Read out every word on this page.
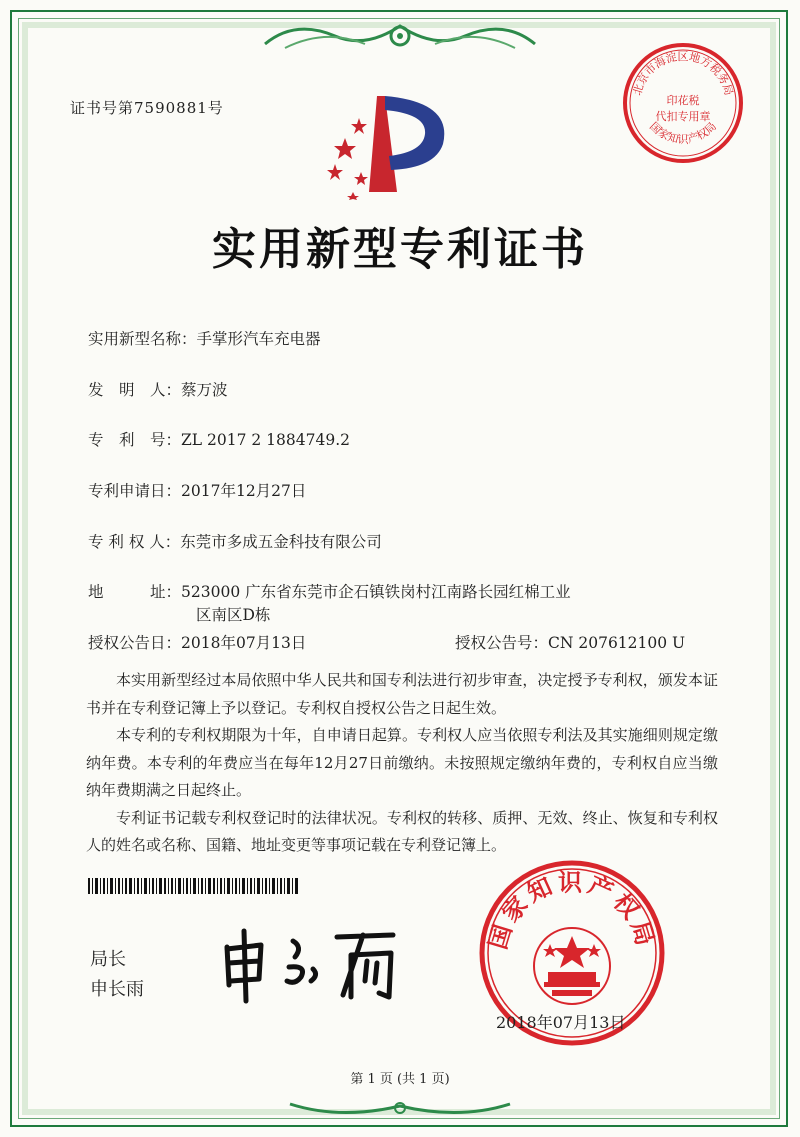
证书号第7590881号
北京市海淀区地方税务局
印花税
代扣专用章
国家知识产权局
实用新型专利证书
实用新型名称：手掌形汽车充电器
发　明　人：蔡万波
专　利　号：ZL 2017 2 1884749.2
专利申请日：2017年12月27日
专 利 权 人：东莞市多成五金科技有限公司
地　　　址：523000 广东省东莞市企石镇铁岗村江南路长园红棉工业
区南区D栋
授权公告日：2018年07月13日	授权公告号：CN 207612100 U

本实用新型经过本局依照中华人民共和国专利法进行初步审查，决定授予专利权，颁发本证书并在专利登记簿上予以登记。专利权自授权公告之日起生效。

本专利的专利权期限为十年，自申请日起算。专利权人应当依照专利法及其实施细则规定缴纳年费。本专利的年费应当在每年12月27日前缴纳。未按照规定缴纳年费的，专利权自应当缴纳年费期满之日起终止。

专利证书记载专利权登记时的法律状况。专利权的转移、质押、无效、终止、恢复和专利权人的姓名或名称、国籍、地址变更等事项记载在专利登记簿上。

局长
申长雨
国家知识产权局
2018年07月13日
第 1 页 (共 1 页)
